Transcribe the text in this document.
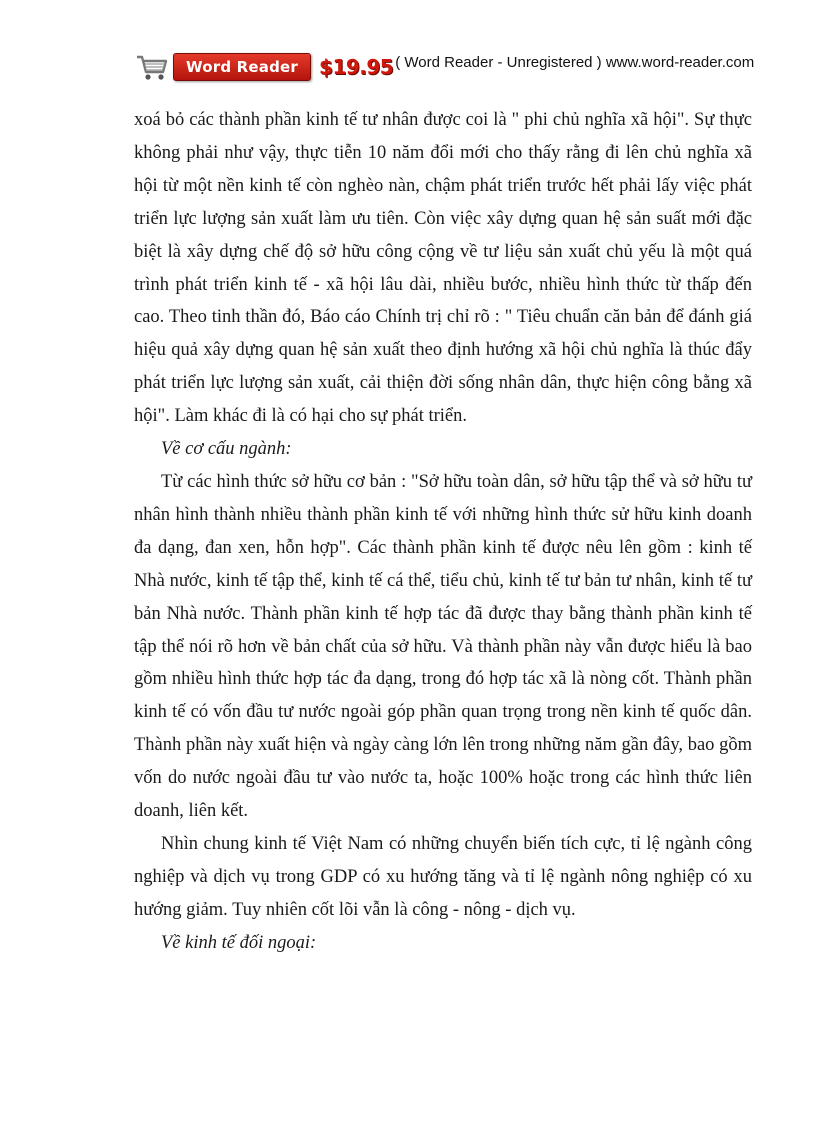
Word Reader	$19.95 ( Word Reader - Unregistered ) www.word-reader.com

xoá bỏ các thành phần kinh tế tư nhân được coi là " phi chủ nghĩa xã hội". Sự thực không phải như vậy, thực tiễn 10 năm đổi mới cho thấy rằng đi lên chủ nghĩa xã hội từ một nền kinh tế còn nghèo nàn, chậm phát triển trước hết phải lấy việc phát triển lực lượng sản xuất làm ưu tiên. Còn việc xây dựng quan hệ sản suất mới đặc biệt là xây dựng chế độ sở hữu công cộng về tư liệu sản xuất chủ yếu là một quá trình phát triển kinh tế - xã hội lâu dài, nhiều bước, nhiều hình thức từ thấp đến cao. Theo tinh thần đó, Báo cáo Chính trị chỉ rõ : " Tiêu chuẩn căn bản để đánh giá hiệu quả xây dựng quan hệ sản xuất theo định hướng xã hội chủ nghĩa là thúc đẩy phát triển lực lượng sản xuất, cải thiện đời sống nhân dân, thực hiện công bằng xã hội". Làm khác đi là có hại cho sự phát triển.

Về cơ cấu ngành:

Từ các hình thức sở hữu cơ bản : "Sở hữu toàn dân, sở hữu tập thể và sở hữu tư nhân hình thành nhiều thành phần kinh tế với những hình thức sử hữu kinh doanh đa dạng, đan xen, hỗn hợp". Các thành phần kinh tế được nêu lên gồm : kinh tế Nhà nước, kinh tế tập thể, kinh tế cá thể, tiểu chủ, kinh tế tư bản tư nhân, kinh tế tư bản Nhà nước. Thành phần kinh tế hợp tác đã được thay bằng thành phần kinh tế tập thể nói rõ hơn về bản chất của sở hữu. Và thành phần này vẫn được hiểu là bao gồm nhiều hình thức hợp tác đa dạng, trong đó hợp tác xã là nòng cốt. Thành phần kinh tế có vốn đầu tư nước ngoài góp phần quan trọng trong nền kinh tế quốc dân. Thành phần này xuất hiện và ngày càng lớn lên trong những năm gần đây, bao gồm vốn do nước ngoài đầu tư vào nước ta, hoặc 100% hoặc trong các hình thức liên doanh, liên kết.

Nhìn chung kinh tế Việt Nam có những chuyển biến tích cực, tỉ lệ ngành công nghiệp và dịch vụ trong GDP có xu hướng tăng và tỉ lệ ngành nông nghiệp có xu hướng giảm. Tuy nhiên cốt lõi vẫn là công - nông - dịch vụ.

Về kinh tế đối ngoại:
